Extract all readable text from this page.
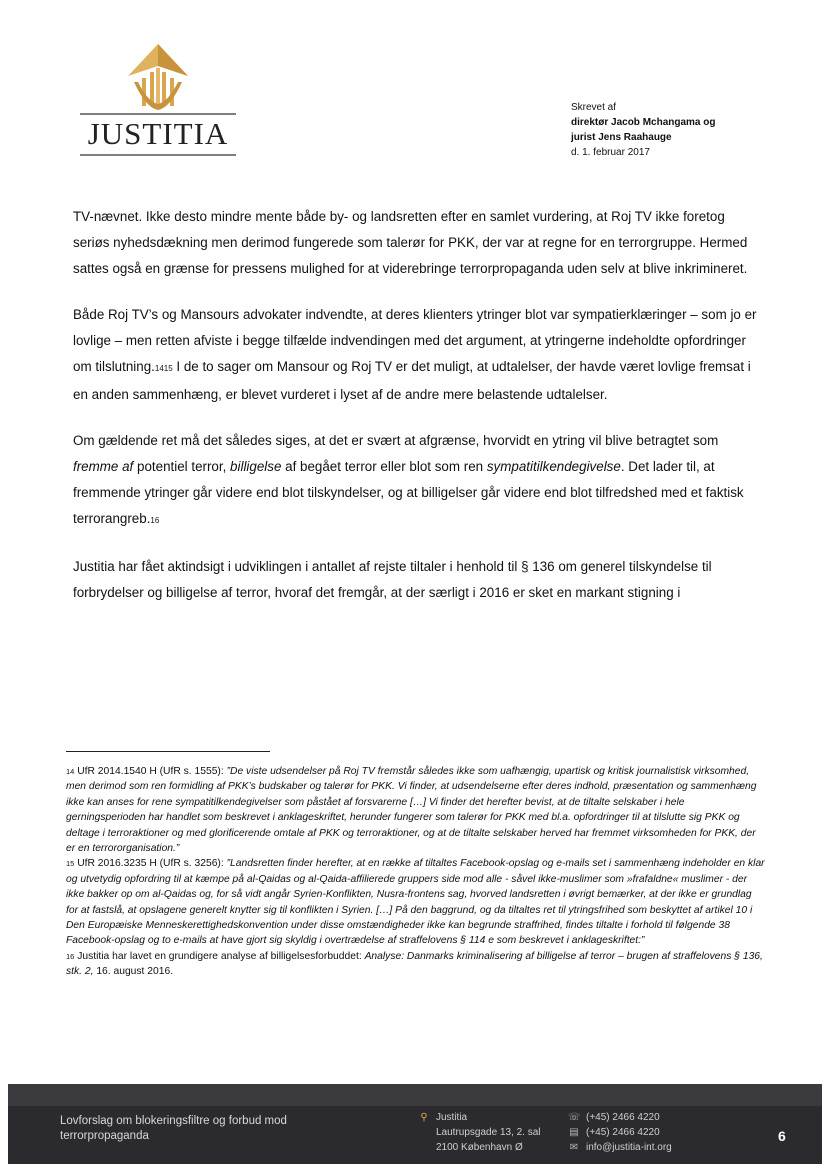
JUSTITIA
Skrevet af
direktør Jacob Mchangama og
jurist Jens Raahauge
d. 1. februar 2017

TV-nævnet. Ikke desto mindre mente både by- og landsretten efter en samlet vurdering, at Roj TV ikke foretog seriøs nyhedsdækning men derimod fungerede som talerør for PKK, der var at regne for en terrorgruppe. Hermed sattes også en grænse for pressens mulighed for at viderebringe terrorpropaganda uden selv at blive inkrimineret.

Både Roj TV’s og Mansours advokater indvendte, at deres klienters ytringer blot var sympatierklæringer – som jo er lovlige – men retten afviste i begge tilfælde indvendingen med det argument, at ytringerne indeholdte opfordringer om tilslutning.1415 I de to sager om Mansour og Roj TV er det muligt, at udtalelser, der havde været lovlige fremsat i en anden sammenhæng, er blevet vurderet i lyset af de andre mere belastende udtalelser.

Om gældende ret må det således siges, at det er svært at afgrænse, hvorvidt en ytring vil blive betragtet som fremme af potentiel terror, billigelse af begået terror eller blot som ren sympatitilkendegivelse. Det lader til, at fremmende ytringer går videre end blot tilskyndelser, og at billigelser går videre end blot tilfredshed med et faktisk terrorangreb.16

Justitia har fået aktindsigt i udviklingen i antallet af rejste tiltaler i henhold til § 136 om generel tilskyndelse til forbrydelser og billigelse af terror, hvoraf det fremgår, at der særligt i 2016 er sket en markant stigning i

14 UfR 2014.1540 H (UfR s. 1555): ”De viste udsendelser på Roj TV fremstår således ikke som uafhængig, upartisk og kritisk journalistisk virksomhed, men derimod som ren formidling af PKK’s budskaber og talerør for PKK. Vi finder, at udsendelserne efter deres indhold, præsentation og sammenhæng ikke kan anses for rene sympatitilkendegivelser som påstået af forsvarerne […] Vi finder det herefter bevist, at de tiltalte selskaber i hele gerningsperioden har handlet som beskrevet i anklageskriftet, herunder fungerer som talerør for PKK med bl.a. opfordringer til at tilslutte sig PKK og deltage i terroraktioner og med glorificerende omtale af PKK og terroraktioner, og at de tiltalte selskaber herved har fremmet virksomheden for PKK, der er en terrororganisation.”

15 UfR 2016.3235 H (UfR s. 3256): ”Landsretten finder herefter, at en række af tiltaltes Facebook-opslag og e-mails set i sammenhæng indeholder en klar og utvetydig opfordring til at kæmpe på al-Qaidas og al-Qaida-affilierede gruppers side mod alle - såvel ikke-muslimer som »frafaldne« muslimer - der ikke bakker op om al-Qaidas og, for så vidt angår Syrien-Konflikten, Nusra-frontens sag, hvorved landsretten i øvrigt bemærker, at der ikke er grundlag for at fastslå, at opslagene generelt knytter sig til konflikten i Syrien. […] På den baggrund, og da tiltaltes ret til ytringsfrihed som beskyttet af artikel 10 i Den Europæiske Menneskerettighedskonvention under disse omstændigheder ikke kan begrunde straffrihed, findes tiltalte i forhold til følgende 38 Facebook-opslag og to e-mails at have gjort sig skyldig i overtrædelse af straffelovens § 114 e som beskrevet i anklageskriftet:”

16 Justitia har lavet en grundigere analyse af billigelsesforbuddet: Analyse: Danmarks kriminalisering af billigelse af terror – brugen af straffelovens § 136, stk. 2, 16. august 2016.

Lovforslag om blokeringsfiltre og forbud mod
terrorpropaganda
⚲ Justitia
Lautrupsgade 13, 2. sal
2100 København Ø
☏ (+45) 2466 4220
▤ (+45) 2466 4220
✉ info@justitia-int.org
6
